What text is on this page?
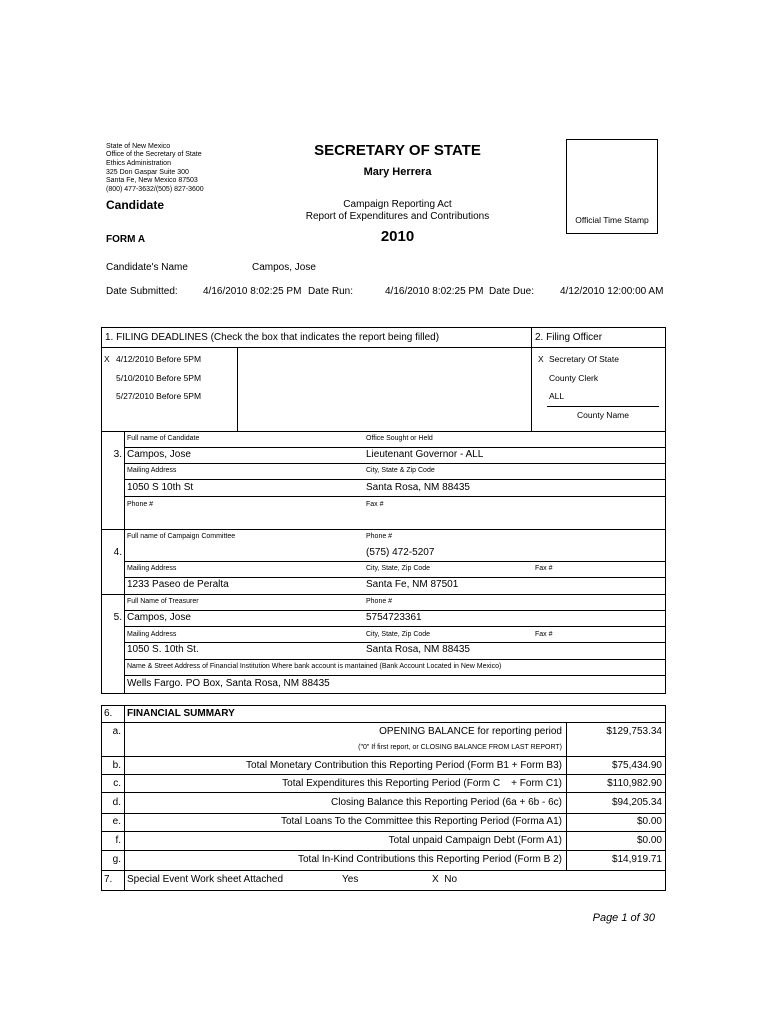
State of New Mexico
Office of the Secretary of State
Ethics Administration
325 Don Gaspar Suite 300
Santa Fe, New Mexico 87503
(800) 477-3632/(505) 827-3600
SECRETARY OF STATE
Mary Herrera
Campaign Reporting Act
Report of Expenditures and Contributions
2010
Candidate
FORM A
Official Time Stamp
Candidate's Name	Campos, Jose
Date Submitted:	4/16/2010 8:02:25 PM Date Run:	4/16/2010 8:02:25 PM Date Due:	4/12/2010 12:00:00 AM
1. FILING DEADLINES (Check the box that indicates the report being filled)	2. Filing Officer
X 4/12/2010 Before 5PM
5/10/2010 Before 5PM
5/27/2010 Before 5PM
X Secretary Of State
County Clerk
ALL
County Name
Full name of Candidate	Office Sought or Held
3. Campos, Jose	Lieutenant Governor - ALL
Mailing Address	City, State & Zip Code
1050 S 10th St	Santa Rosa, NM 88435
Phone #	Fax #
Full name of Campaign Committee	Phone #
4.	(575) 472-5207
Mailing Address	City, State, Zip Code	Fax #
1233 Paseo de Peralta	Santa Fe, NM 87501
Full Name of Treasurer	Phone #
5. Campos, Jose	5754723361
Mailing Address	City, State, Zip Code	Fax #
1050 S. 10th St.	Santa Rosa, NM 88435
Name & Street Address of Financial Institution Where bank account is mantained (Bank Account Located in New Mexico)
Wells Fargo. PO Box, Santa Rosa, NM 88435
6. FINANCIAL SUMMARY
a.	OPENING BALANCE for reporting period	$129,753.34
("0" If first report, or CLOSING BALANCE FROM LAST REPORT)
b.	Total Monetary Contribution this Reporting Period (Form B1 + Form B3)	$75,434.90
c.	Total Expenditures this Reporting Period (Form C    + Form C1)	$110,982.90
d.	Closing Balance this Reporting Period (6a + 6b - 6c)	$94,205.34
e.	Total Loans To the Committee this Reporting Period (Forma A1)	$0.00
f.	Total unpaid Campaign Debt (Form A1)	$0.00
g.	Total In-Kind Contributions this Reporting Period (Form B 2)	$14,919.71
7. Special Event Work sheet Attached	Yes	X  No
Page 1 of 30
